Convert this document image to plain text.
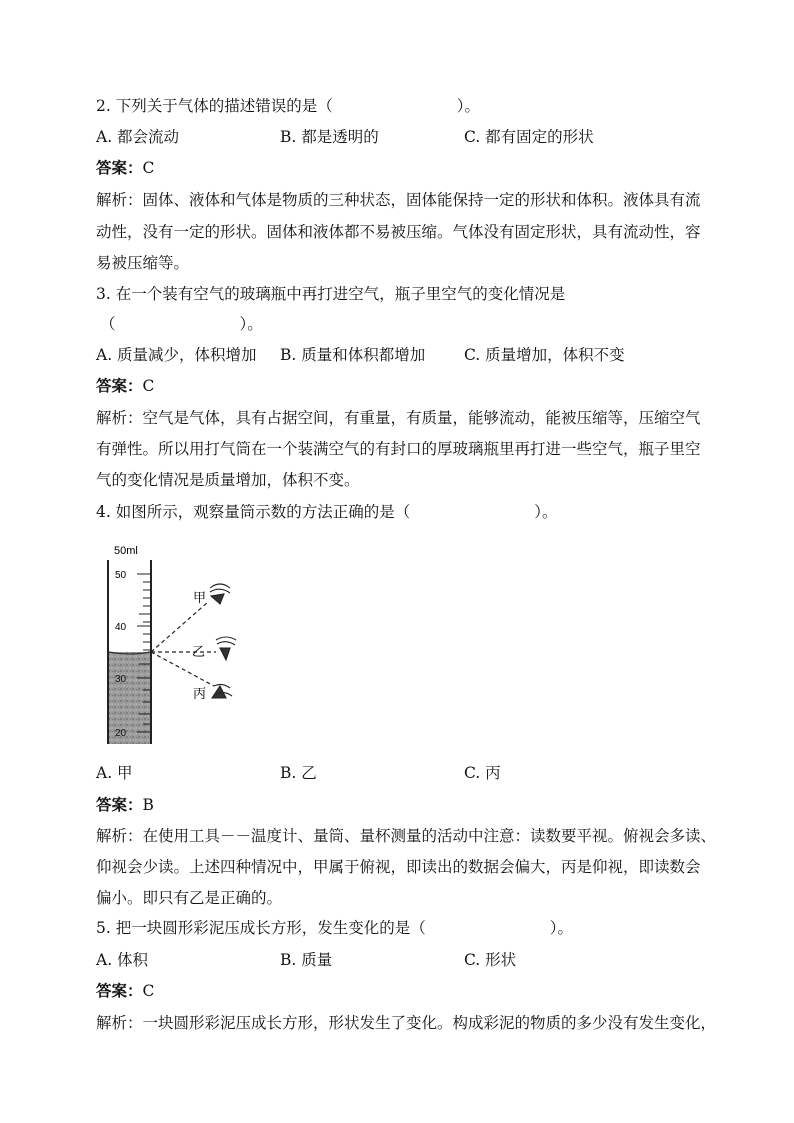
2. 下列关于气体的描述错误的是（　　　　　　　　）。
A. 都会流动	B. 都是透明的	C. 都有固定的形状
答案：C
解析：固体、液体和气体是物质的三种状态，固体能保持一定的形状和体积。液体具有流
动性，没有一定的形状。固体和液体都不易被压缩。气体没有固定形状，具有流动性，容
易被压缩等。
3. 在一个装有空气的玻璃瓶中再打进空气，瓶子里空气的变化情况是
（　　　　　　　　）。
A. 质量减少，体积增加 B. 质量和体积都增加	C. 质量增加，体积不变
答案：C
解析：空气是气体，具有占据空间，有重量，有质量，能够流动，能被压缩等，压缩空气
有弹性。所以用打气筒在一个装满空气的有封口的厚玻璃瓶里再打进一些空气，瓶子里空
气的变化情况是质量增加，体积不变。
4. 如图所示，观察量筒示数的方法正确的是（　　　　　　　　）。
50ml
50
40
30
20
甲
乙
丙
A. 甲	B. 乙	C. 丙
答案：B
解析：在使用工具－－温度计、量筒、量杯测量的活动中注意：读数要平视。俯视会多读、
仰视会少读。上述四种情况中，甲属于俯视，即读出的数据会偏大，丙是仰视，即读数会
偏小。即只有乙是正确的。
5. 把一块圆形彩泥压成长方形，发生变化的是（　　　　　　　　）。
A. 体积	B. 质量	C. 形状
答案：C
解析：一块圆形彩泥压成长方形，形状发生了变化。构成彩泥的物质的多少没有发生变化，
